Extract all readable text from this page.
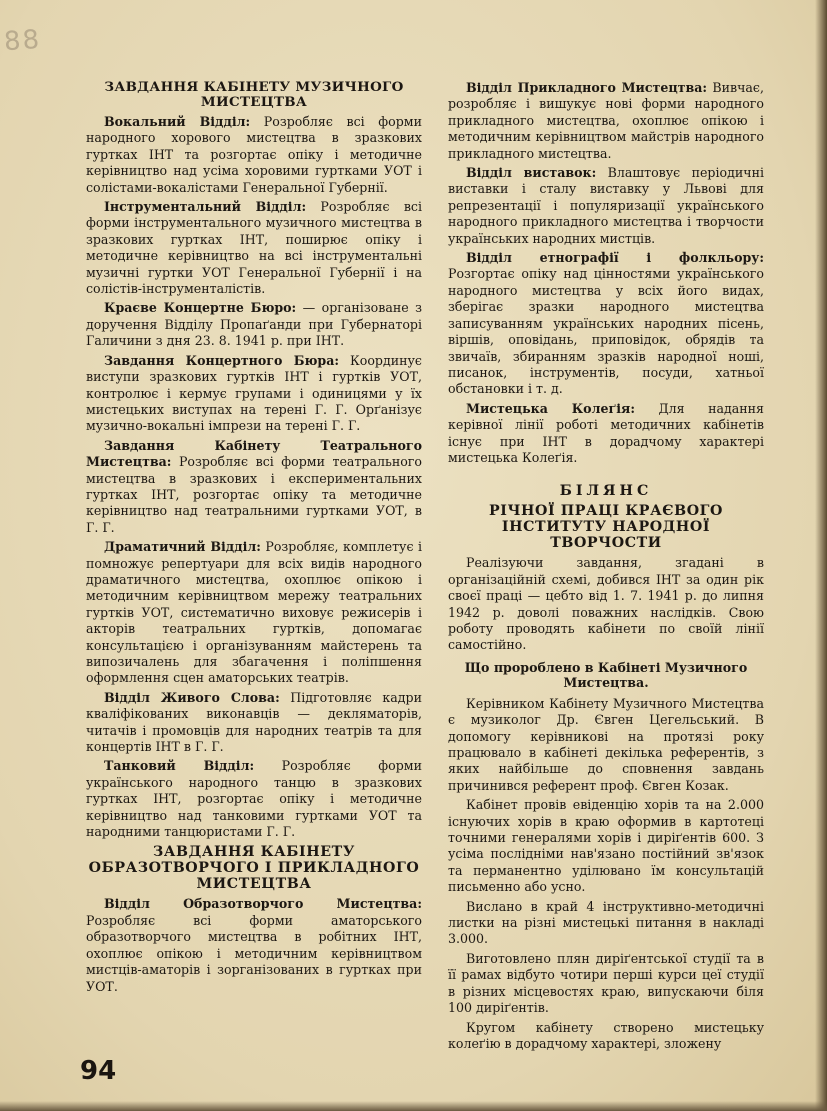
88
ЗАВДАННЯ КАБІНЕТУ МУЗИЧНОГО МИСТЕЦТВА

Вокальний Відділ: Розробляє всі форми народного хорового мистецтва в зразкових гуртках ІНТ та розгортає опіку і методичне керівництво над усіма хоровими гуртками УОТ і солістами-вокалістами Генеральної Губернії.

Інструментальний Відділ: Розробляє всі форми інструментального музичного мистецтва в зразкових гуртках ІНТ, поширює опіку і методичне керівництво на всі інструментальні музичні гуртки УОТ Генеральної Губернії і на солістів-інструменталістів.

Краєве Концертне Бюро: — організоване з доручення Відділу Пропаґанди при Губернаторі Галичини з дня 23. 8. 1941 р. при ІНТ.

Завдання Концертного Бюра: Координує виступи зразкових гуртків ІНТ і гуртків УОТ, контролює і кермує групами і одиницями у їх мистецьких виступах на терені Г. Г. Орґанізує музично-вокальні імпрези на терені Г. Г.

Завдання Кабінету Театрального Мистецтва: Розробляє всі форми театрального мистецтва в зразкових і експериментальних гуртках ІНТ, розгортає опіку та методичне керівництво над театральними гуртками УОТ, в Г. Г.

Драматичний Відділ: Розробляє, комплетує і помножує репертуари для всіх видів народного драматичного мистецтва, охоплює опікою і методичним керівництвом мережу театральних гуртків УОТ, систематично виховує режисерів і акторів театральних гуртків, допомагає консультацією і організуванням майстерень та випозичалень для збагачення і поліпшення оформлення сцен аматорських театрів.

Відділ Живого Слова: Підготовляє кадри кваліфікованих виконавців — декляматорів, читачів і промовців для народних театрів та для концертів ІНТ в Г. Г.

Танковий Відділ: Розробляє форми українського народного танцю в зразкових гуртках ІНТ, розгортає опіку і методичне керівництво над танковими гуртками УОТ та народними танцюристами Г. Г.

ЗАВДАННЯ КАБІНЕТУ ОБРАЗОТВОРЧОГО І ПРИКЛАДНОГО МИСТЕЦТВА

Відділ Образотворчого Мистецтва: Розробляє всі форми аматорського образотворчого мистецтва в робітних ІНТ, охоплює опікою і методичним керівництвом мистців-аматорів і зорганізованих в гуртках при УОТ.

Відділ Прикладного Мистецтва: Вивчає, розробляє і вишукує нові форми народного прикладного мистецтва, охоплює опікою і методичним керівництвом майстрів народного прикладного мистецтва.

Відділ виставок: Влаштовує періодичні виставки і сталу виставку у Львові для репрезентації і популяризації українського народного прикладного мистецтва і творчости українських народних мистців.

Відділ етнографії і фолкльору: Розгортає опіку над цінностями українського народного мистецтва у всіх його видах, зберігає зразки народного мистецтва записуванням українських народних пісень, віршів, оповідань, приповідок, обрядів та звичаїв, збиранням зразків народної ноші, писанок, інструментів, посуди, хатньої обстановки і т. д.

Мистецька Колеґія: Для надання керівної лінії роботі методичних кабінетів існує при ІНТ в дорадчому характері мистецька Колеґія.

БІЛЯНС
РІЧНОЇ ПРАЦІ КРАЄВОГО ІНСТИТУТУ НАРОДНОЇ ТВОРЧОСТИ

Реалізуючи завдання, згадані в організаційній схемі, добився ІНТ за один рік своєї праці — цебто від 1. 7. 1941 р. до липня 1942 р. доволі поважних наслідків. Свою роботу проводять кабінети по своїй лінії самостійно.

Що пророблено в Кабінеті Музичного Мистецтва.

Керівником Кабінету Музичного Мистецтва є музиколог Др. Євген Цегельський. В допомогу керівникові на протязі року працювало в кабінеті декілька референтів, з яких найбільше до сповнення завдань причинився референт проф. Євген Козак.

Кабінет провів евіденцію хорів та на 2.000 існуючих хорів в краю оформив в картотеці точними генералями хорів і диріґентів 600. З усіма послідніми нав'язано постійний зв'язок та перманентно уділювано їм консультацій письменно або усно.

Вислано в край 4 інструктивно-методичні листки на різні мистецькі питання в накладі 3.000.

Виготовлено плян диріґентської студії та в її рамах відбуто чотири перші курси цеї студії в різних місцевостях краю, випускаючи біля 100 диріґентів.

Кругом кабінету створено мистецьку колеґію в дорадчому характері, зложену

94
